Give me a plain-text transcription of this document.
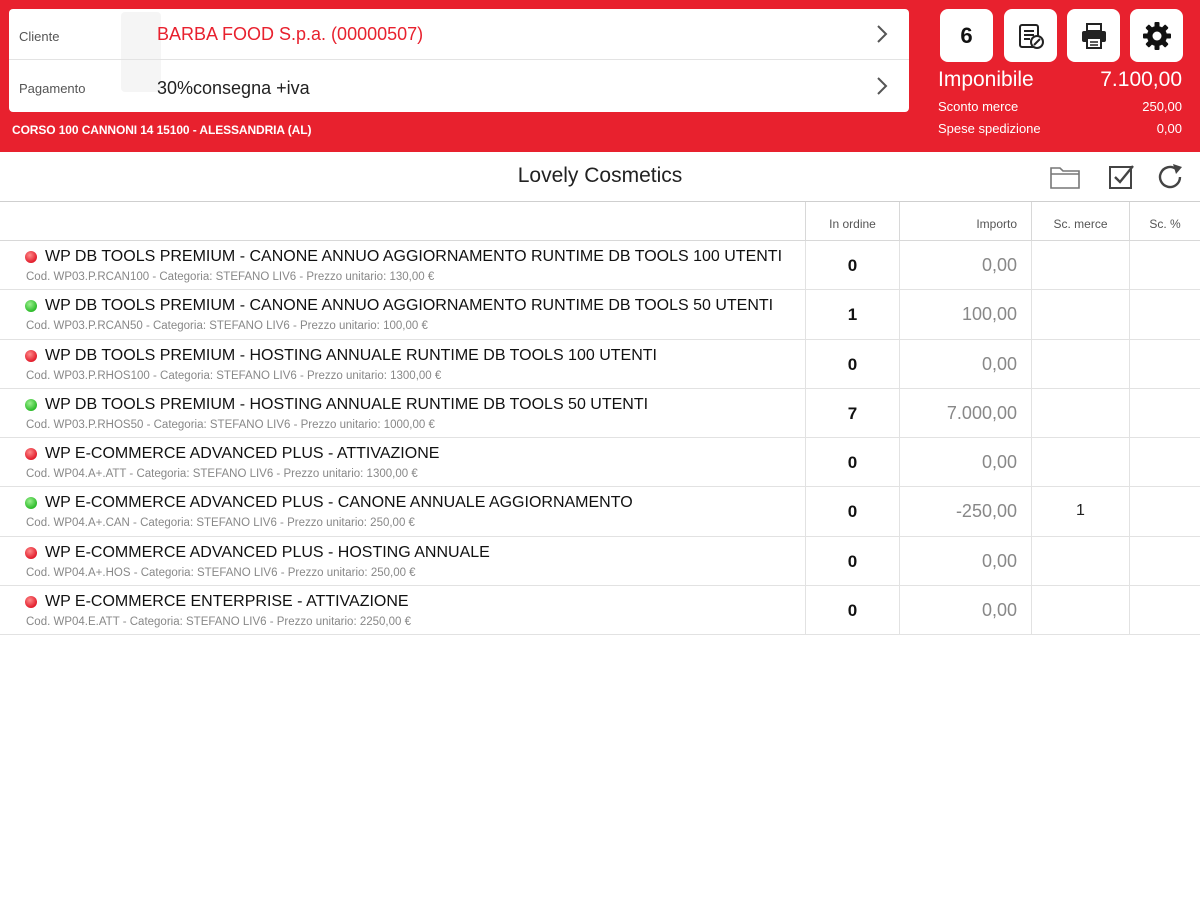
Cliente	BARBA FOOD S.p.a. (00000507)
Pagamento	30%consegna +iva
CORSO 100 CANNONI 14 15100 - ALESSANDRIA (AL)
6
Imponibile	7.100,00
Sconto merce	250,00
Spese spedizione	0,00
Lovely Cosmetics
In ordine	Importo	Sc. merce	Sc. %
WP DB TOOLS PREMIUM - CANONE ANNUO AGGIORNAMENTO RUNTIME DB TOOLS 100 UTENTI
Cod. WP03.P.RCAN100 - Categoria: STEFANO LIV6 - Prezzo unitario: 130,00 €
0	0,00
WP DB TOOLS PREMIUM - CANONE ANNUO AGGIORNAMENTO RUNTIME DB TOOLS 50 UTENTI
Cod. WP03.P.RCAN50 - Categoria: STEFANO LIV6 - Prezzo unitario: 100,00 €
1	100,00
WP DB TOOLS PREMIUM - HOSTING ANNUALE RUNTIME DB TOOLS 100 UTENTI
Cod. WP03.P.RHOS100 - Categoria: STEFANO LIV6 - Prezzo unitario: 1300,00 €
0	0,00
WP DB TOOLS PREMIUM - HOSTING ANNUALE RUNTIME DB TOOLS 50 UTENTI
Cod. WP03.P.RHOS50 - Categoria: STEFANO LIV6 - Prezzo unitario: 1000,00 €
7	7.000,00
WP E-COMMERCE ADVANCED PLUS - ATTIVAZIONE
Cod. WP04.A+.ATT - Categoria: STEFANO LIV6 - Prezzo unitario: 1300,00 €
0	0,00
WP E-COMMERCE ADVANCED PLUS - CANONE ANNUALE AGGIORNAMENTO
Cod. WP04.A+.CAN - Categoria: STEFANO LIV6 - Prezzo unitario: 250,00 €
0	-250,00	1
WP E-COMMERCE ADVANCED PLUS - HOSTING ANNUALE
Cod. WP04.A+.HOS - Categoria: STEFANO LIV6 - Prezzo unitario: 250,00 €
0	0,00
WP E-COMMERCE ENTERPRISE - ATTIVAZIONE
Cod. WP04.E.ATT - Categoria: STEFANO LIV6 - Prezzo unitario: 2250,00 €
0	0,00
